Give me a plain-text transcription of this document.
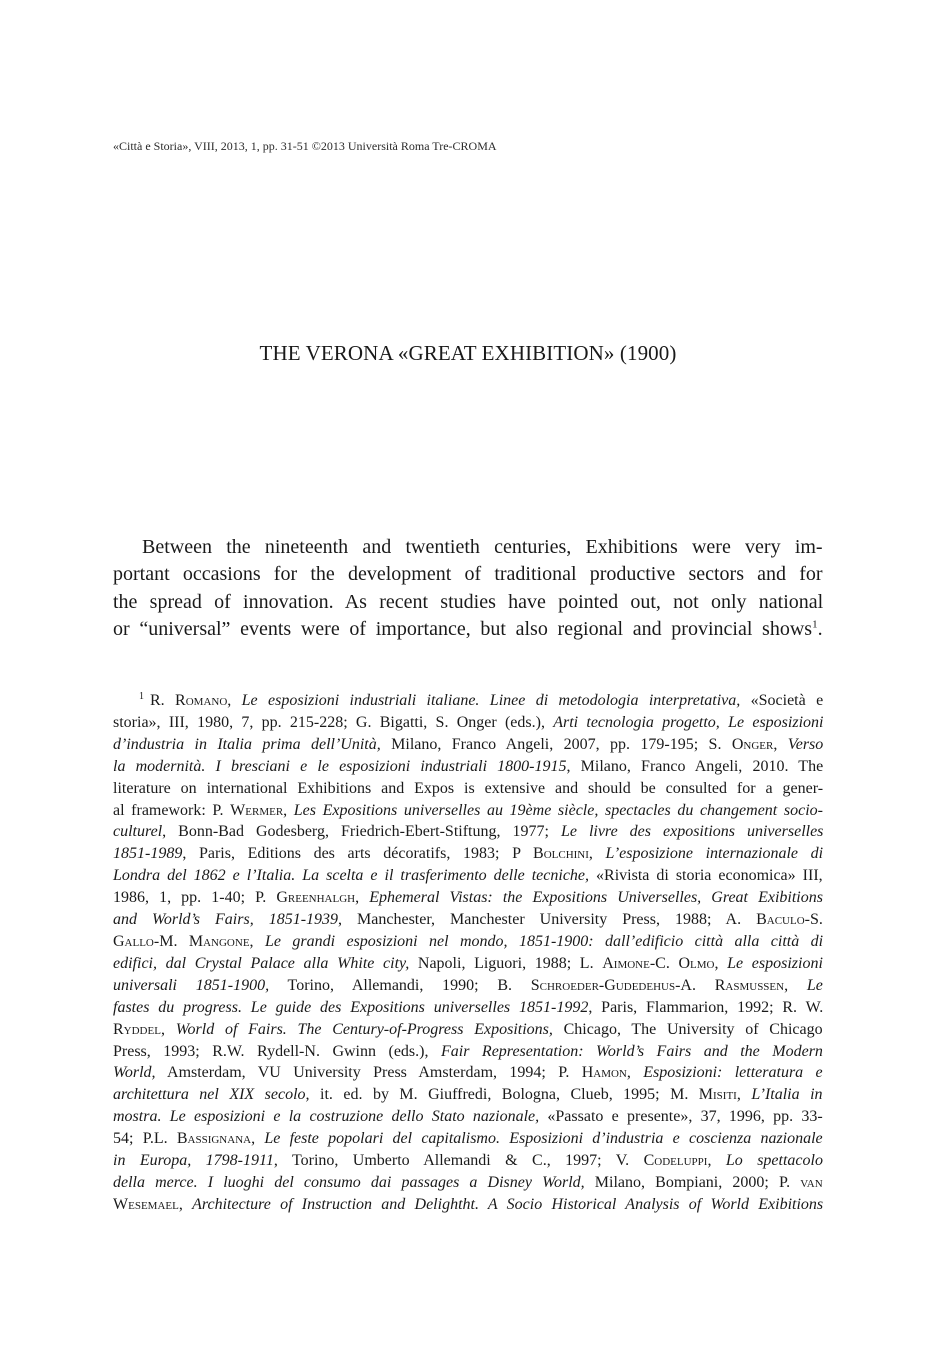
«Città e Storia», VIII, 2013, 1, pp. 31-51 ©2013 Università Roma Tre-CROMA
THE VERONA «GREAT EXHIBITION» (1900)

Between the nineteenth and twentieth centuries, Exhibitions were very im-
portant occasions for the development of traditional productive sectors and for
the spread of innovation. As recent studies have pointed out, not only national
or “universal” events were of importance, but also regional and provincial shows$^1$.

$^1$ R. Romano, Le esposizioni industriali italiane. Linee di metodologia interpretativa, «Società e
storia», III, 1980, 7, pp. 215-228; G. Bigatti, S. Onger (eds.), Arti tecnologia progetto, Le esposizioni
d’industria in Italia prima dell’Unità, Milano, Franco Angeli, 2007, pp. 179-195; S. Onger, Verso
la modernità. I bresciani e le esposizioni industriali 1800-1915, Milano, Franco Angeli, 2010. The
literature on international Exhibitions and Expos is extensive and should be consulted for a gener-
al framework: P. Wermer, Les Expositions universelles au 19ème siècle, spectacles du changement socio-
culturel, Bonn-Bad Godesberg, Friedrich-Ebert-Stiftung, 1977; Le livre des expositions universelles
1851-1989, Paris, Editions des arts décoratifs, 1983; P Bolchini, L’esposizione internazionale di
Londra del 1862 e l’Italia. La scelta e il trasferimento delle tecniche, «Rivista di storia economica» III,
1986, 1, pp. 1-40; P. Greenhalgh, Ephemeral Vistas: the Expositions Universelles, Great Exibitions
and World’s Fairs, 1851-1939, Manchester, Manchester University Press, 1988; A. Baculo-S.
Gallo-M. Mangone, Le grandi esposizioni nel mondo, 1851-1900: dall’edificio città alla città di
edifici, dal Crystal Palace alla White city, Napoli, Liguori, 1988; L. Aimone-C. Olmo, Le esposizioni
universali 1851-1900, Torino, Allemandi, 1990; B. Schroeder-Gudedehus-A. Rasmussen, Le
fastes du progress. Le guide des Expositions universelles 1851-1992, Paris, Flammarion, 1992; R. W.
Ryddel, World of Fairs. The Century-of-Progress Expositions, Chicago, The University of Chicago
Press, 1993; R.W. Rydell-N. Gwinn (eds.), Fair Representation: World’s Fairs and the Modern
World, Amsterdam, VU University Press Amsterdam, 1994; P. Hamon, Esposizioni: letteratura e
architettura nel XIX secolo, it. ed. by M. Giuffredi, Bologna, Clueb, 1995; M. Misiti, L’Italia in
mostra. Le esposizioni e la costruzione dello Stato nazionale, «Passato e presente», 37, 1996, pp. 33-
54; P.L. Bassignana, Le feste popolari del capitalismo. Esposizioni d’industria e coscienza nazionale
in Europa, 1798-1911, Torino, Umberto Allemandi & C., 1997; V. Codeluppi, Lo spettacolo
della merce. I luoghi del consumo dai passages a Disney World, Milano, Bompiani, 2000; P. van
Wesemael, Architecture of Instruction and Delightht. A Socio Historical Analysis of World Exibitions
